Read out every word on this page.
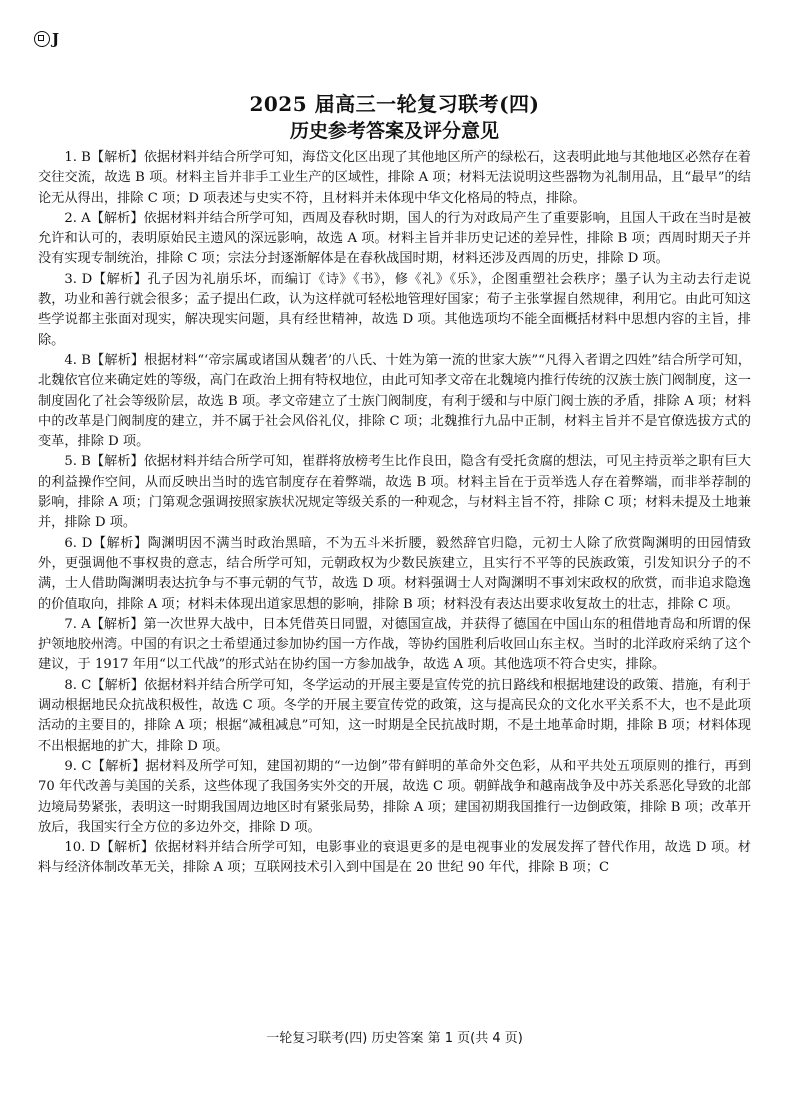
J
2025 届高三一轮复习联考(四)
历史参考答案及评分意见

1. B【解析】依据材料并结合所学可知，海岱文化区出现了其他地区所产的绿松石，这表明此地与其他地区必然存在着交往交流，故选 B 项。材料主旨并非手工业生产的区域性，排除 A 项；材料无法说明这些器物为礼制用品，且“最早”的结论无从得出，排除 C 项；D 项表述与史实不符，且材料并未体现中华文化格局的特点，排除。

2. A【解析】依据材料并结合所学可知，西周及春秋时期，国人的行为对政局产生了重要影响，且国人干政在当时是被允许和认可的，表明原始民主遗风的深远影响，故选 A 项。材料主旨并非历史记述的差异性，排除 B 项；西周时期天子并没有实现专制统治，排除 C 项；宗法分封逐渐解体是在春秋战国时期，材料还涉及西周的历史，排除 D 项。

3. D【解析】孔子因为礼崩乐坏，而编订《诗》《书》，修《礼》《乐》，企图重塑社会秩序；墨子认为主动去行走说教，功业和善行就会很多；孟子提出仁政，认为这样就可轻松地管理好国家；荀子主张掌握自然规律，利用它。由此可知这些学说都主张面对现实，解决现实问题，具有经世精神，故选 D 项。其他选项均不能全面概括材料中思想内容的主旨，排除。

4. B【解析】根据材料“‘帝宗属或诸国从魏者’的八氏、十姓为第一流的世家大族”“凡得入者谓之四姓”结合所学可知，北魏依官位来确定姓的等级，高门在政治上拥有特权地位，由此可知孝文帝在北魏境内推行传统的汉族士族门阀制度，这一制度固化了社会等级阶层，故选 B 项。孝文帝建立了士族门阀制度，有利于缓和与中原门阀士族的矛盾，排除 A 项；材料中的改革是门阀制度的建立，并不属于社会风俗礼仪，排除 C 项；北魏推行九品中正制，材料主旨并不是官僚选拔方式的变革，排除 D 项。

5. B【解析】依据材料并结合所学可知，崔群将放榜考生比作良田，隐含有受托贪腐的想法，可见主持贡举之职有巨大的利益操作空间，从而反映出当时的选官制度存在着弊端，故选 B 项。材料主旨在于贡举选人存在着弊端，而非举荐制的影响，排除 A 项；门第观念强调按照家族状况规定等级关系的一种观念，与材料主旨不符，排除 C 项；材料未提及土地兼并，排除 D 项。

6. D【解析】陶渊明因不满当时政治黑暗，不为五斗米折腰，毅然辞官归隐，元初士人除了欣赏陶渊明的田园情致外，更强调他不事权贵的意志，结合所学可知，元朝政权为少数民族建立，且实行不平等的民族政策，引发知识分子的不满，士人借助陶渊明表达抗争与不事元朝的气节，故选 D 项。材料强调士人对陶渊明不事刘宋政权的欣赏，而非追求隐逸的价值取向，排除 A 项；材料未体现出道家思想的影响，排除 B 项；材料没有表达出要求收复故土的壮志，排除 C 项。

7. A【解析】第一次世界大战中，日本凭借英日同盟，对德国宣战，并获得了德国在中国山东的租借地青岛和所谓的保护领地胶州湾。中国的有识之士希望通过参加协约国一方作战，等协约国胜利后收回山东主权。当时的北洋政府采纳了这个建议，于 1917 年用“以工代战”的形式站在协约国一方参加战争，故选 A 项。其他选项不符合史实，排除。

8. C【解析】依据材料并结合所学可知，冬学运动的开展主要是宣传党的抗日路线和根据地建设的政策、措施，有利于调动根据地民众抗战积极性，故选 C 项。冬学的开展主要宣传党的政策，这与提高民众的文化水平关系不大，也不是此项活动的主要目的，排除 A 项；根据“减租减息”可知，这一时期是全民抗战时期，不是土地革命时期，排除 B 项；材料体现不出根据地的扩大，排除 D 项。

9. C【解析】据材料及所学可知，建国初期的“一边倒”带有鲜明的革命外交色彩，从和平共处五项原则的推行，再到 70 年代改善与美国的关系，这些体现了我国务实外交的开展，故选 C 项。朝鲜战争和越南战争及中苏关系恶化导致的北部边境局势紧张，表明这一时期我国周边地区时有紧张局势，排除 A 项；建国初期我国推行一边倒政策，排除 B 项；改革开放后，我国实行全方位的多边外交，排除 D 项。

10. D【解析】依据材料并结合所学可知，电影事业的衰退更多的是电视事业的发展发挥了替代作用，故选 D 项。材料与经济体制改革无关，排除 A 项；互联网技术引入到中国是在 20 世纪 90 年代，排除 B 项；C

一轮复习联考(四) 历史答案 第 1 页(共 4 页)
